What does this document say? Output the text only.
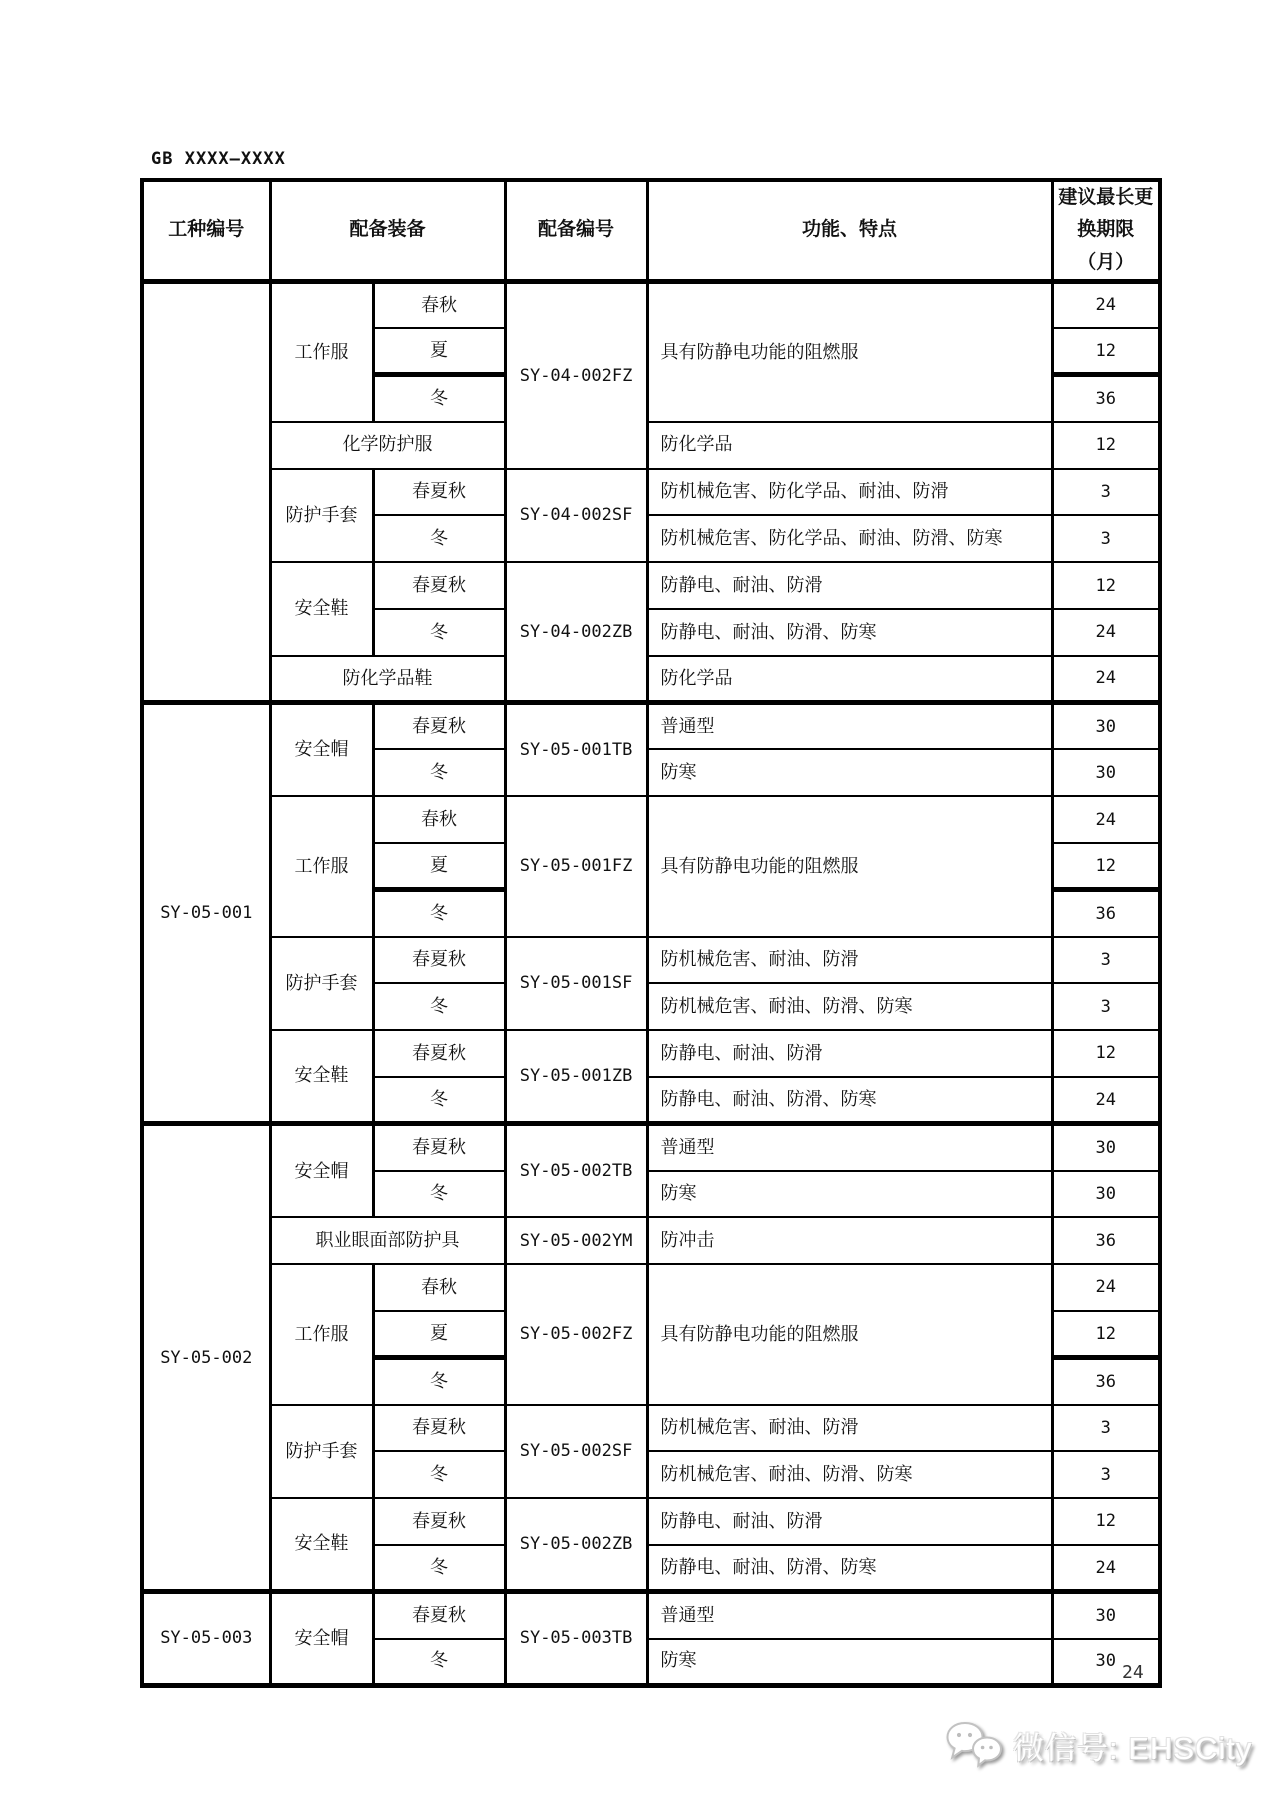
GB XXXX—XXXX
工种编号	配备装备		配备编号	功能、特点	建议最长更换期限（月）
	工作服	春秋	SY-04-002FZ	具有防静电功能的阻燃服	24
		夏			12
		冬			36
	化学防护服			防化学品	12
	防护手套	春夏秋	SY-04-002SF	防机械危害、防化学品、耐油、防滑	3
		冬		防机械危害、防化学品、耐油、防滑、防寒	3
	安全鞋	春夏秋	SY-04-002ZB	防静电、耐油、防滑	12
		冬		防静电、耐油、防滑、防寒	24
	防化学品鞋			防化学品	24
SY-05-001	安全帽	春夏秋	SY-05-001TB	普通型	30
		冬		防寒	30
	工作服	春秋	SY-05-001FZ	具有防静电功能的阻燃服	24
		夏			12
		冬			36
	防护手套	春夏秋	SY-05-001SF	防机械危害、耐油、防滑	3
		冬		防机械危害、耐油、防滑、防寒	3
	安全鞋	春夏秋	SY-05-001ZB	防静电、耐油、防滑	12
		冬		防静电、耐油、防滑、防寒	24
SY-05-002	安全帽	春夏秋	SY-05-002TB	普通型	30
		冬		防寒	30
	职业眼面部防护具		SY-05-002YM	防冲击	36
	工作服	春秋	SY-05-002FZ	具有防静电功能的阻燃服	24
		夏			12
		冬			36
	防护手套	春夏秋	SY-05-002SF	防机械危害、耐油、防滑	3
		冬		防机械危害、耐油、防滑、防寒	3
	安全鞋	春夏秋	SY-05-002ZB	防静电、耐油、防滑	12
		冬		防静电、耐油、防滑、防寒	24
SY-05-003	安全帽	春夏秋	SY-05-003TB	普通型	30
		冬		防寒	30
24
微信号: EHSCity
